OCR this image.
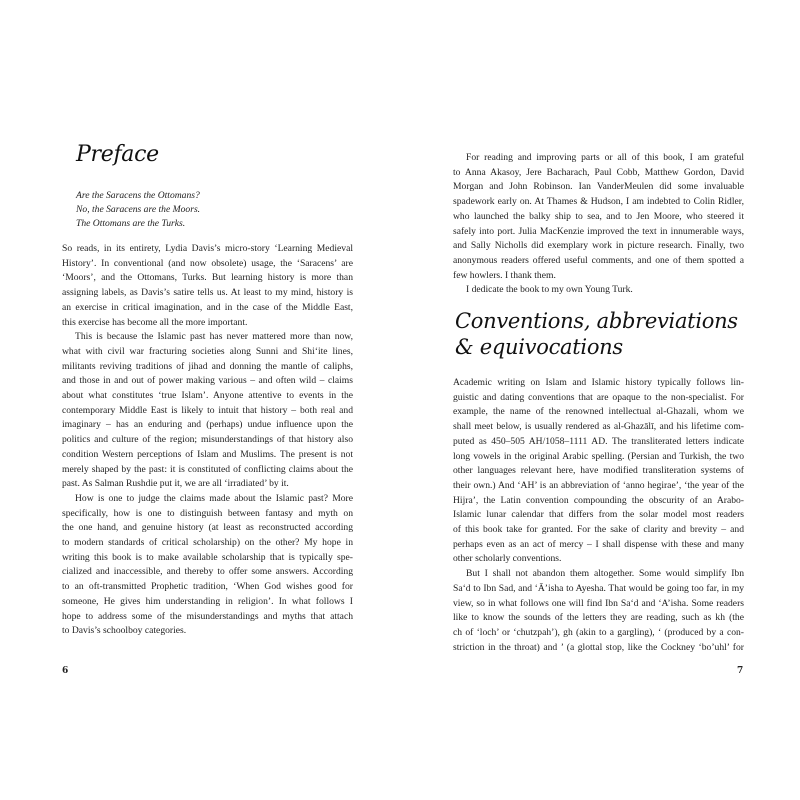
Preface
Are the Saracens the Ottomans?
No, the Saracens are the Moors.
The Ottomans are the Turks.
So reads, in its entirety, Lydia Davis’s micro-story ‘Learning Medieval
History’. In conventional (and now obsolete) usage, the ‘Saracens’ are
‘Moors’, and the Ottomans, Turks. But learning history is more than
assigning labels, as Davis’s satire tells us. At least to my mind, history is
an exercise in critical imagination, and in the case of the Middle East,
this exercise has become all the more important.
This is because the Islamic past has never mattered more than now,
what with civil war fracturing societies along Sunni and Shi‘ite lines,
militants reviving traditions of jihad and donning the mantle of caliphs,
and those in and out of power making various – and often wild – claims
about what constitutes ‘true Islam’. Anyone attentive to events in the
contemporary Middle East is likely to intuit that history – both real and
imaginary – has an enduring and (perhaps) undue influence upon the
politics and culture of the region; misunderstandings of that history also
condition Western perceptions of Islam and Muslims. The present is not
merely shaped by the past: it is constituted of conflicting claims about the
past. As Salman Rushdie put it, we are all ‘irradiated’ by it.
How is one to judge the claims made about the Islamic past? More
specifically, how is one to distinguish between fantasy and myth on
the one hand, and genuine history (at least as reconstructed according
to modern standards of critical scholarship) on the other? My hope in
writing this book is to make available scholarship that is typically spe-
cialized and inaccessible, and thereby to offer some answers. According
to an oft-transmitted Prophetic tradition, ‘When God wishes good for
someone, He gives him understanding in religion’. In what follows I
hope to address some of the misunderstandings and myths that attach
to Davis’s schoolboy categories.
6
For reading and improving parts or all of this book, I am grateful
to Anna Akasoy, Jere Bacharach, Paul Cobb, Matthew Gordon, David
Morgan and John Robinson. Ian VanderMeulen did some invaluable
spadework early on. At Thames & Hudson, I am indebted to Colin Ridler,
who launched the balky ship to sea, and to Jen Moore, who steered it
safely into port. Julia MacKenzie improved the text in innumerable ways,
and Sally Nicholls did exemplary work in picture research. Finally, two
anonymous readers offered useful comments, and one of them spotted a
few howlers. I thank them.
I dedicate the book to my own Young Turk.
Conventions, abbreviations
& equivocations
Academic writing on Islam and Islamic history typically follows lin-
guistic and dating conventions that are opaque to the non-specialist. For
example, the name of the renowned intellectual al-Ghazali, whom we
shall meet below, is usually rendered as al-Ghazālī, and his lifetime com-
puted as 450–505 AH/1058–1111 AD. The transliterated letters indicate
long vowels in the original Arabic spelling. (Persian and Turkish, the two
other languages relevant here, have modified transliteration systems of
their own.) And ‘AH’ is an abbreviation of ‘anno hegirae’, ‘the year of the
Hijra’, the Latin convention compounding the obscurity of an Arabo-
Islamic lunar calendar that differs from the solar model most readers
of this book take for granted. For the sake of clarity and brevity – and
perhaps even as an act of mercy – I shall dispense with these and many
other scholarly conventions.
But I shall not abandon them altogether. Some would simplify Ibn
Sa‘d to Ibn Sad, and ‘Ā’isha to Ayesha. That would be going too far, in my
view, so in what follows one will find Ibn Sa‘d and ‘A’isha. Some readers
like to know the sounds of the letters they are reading, such as kh (the
ch of ‘loch’ or ‘chutzpah’), gh (akin to a gargling), ‘ (produced by a con-
striction in the throat) and ’ (a glottal stop, like the Cockney ‘bo’uhl’ for
7
